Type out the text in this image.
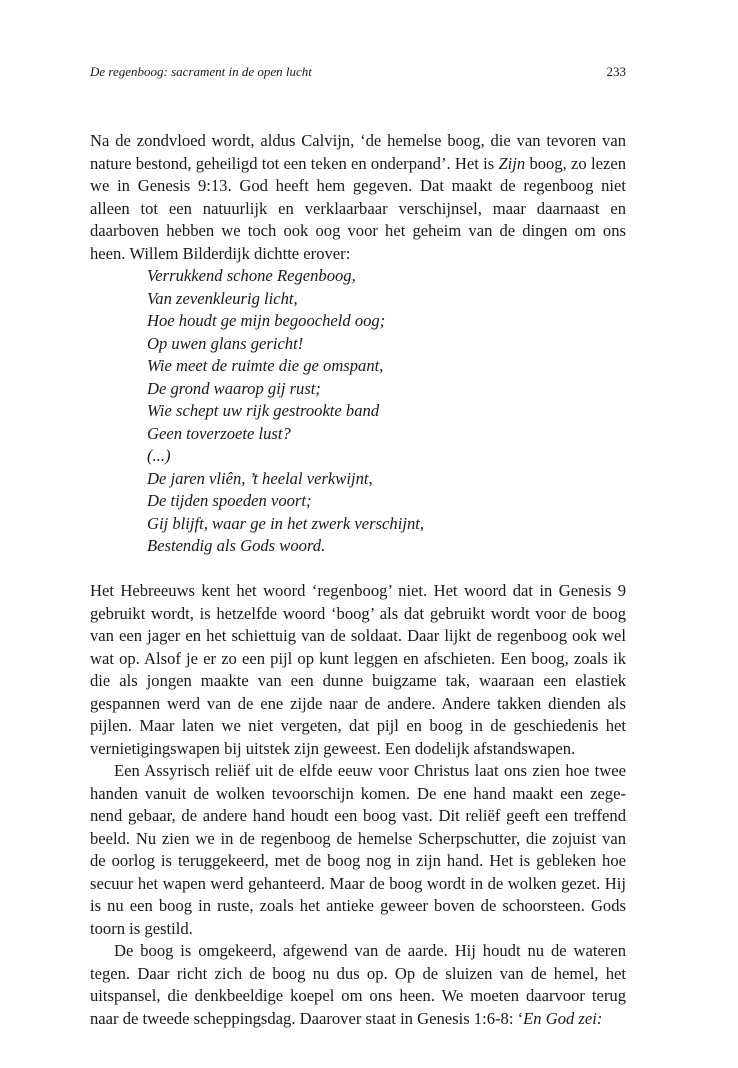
De regenboog: sacrament in de open lucht	233

Na de zondvloed wordt, aldus Calvijn, ‘de hemelse boog, die van tevoren van nature bestond, geheiligd tot een teken en onderpand’. Het is Zijn boog, zo lezen we in Genesis 9:13. God heeft hem gegeven. Dat maakt de regenboog niet alleen tot een natuurlijk en verklaarbaar verschijnsel, maar daarnaast en daarboven hebben we toch ook oog voor het geheim van de dingen om ons heen. Willem Bilderdijk dichtte erover:

Verrukkend schone Regenboog,
Van zevenkleurig licht,
Hoe houdt ge mijn begoocheld oog;
Op uwen glans gericht!
Wie meet de ruimte die ge omspant,
De grond waarop gij rust;
Wie schept uw rijk gestrookte band
Geen toverzoete lust?
(...)
De jaren vliên, ’t heelal verkwijnt,
De tijden spoeden voort;
Gij blijft, waar ge in het zwerk verschijnt,
Bestendig als Gods woord.

Het Hebreeuws kent het woord ‘regenboog’ niet. Het woord dat in Genesis 9 gebruikt wordt, is hetzelfde woord ‘boog’ als dat gebruikt wordt voor de boog van een jager en het schiettuig van de soldaat. Daar lijkt de regenboog ook wel wat op. Alsof je er zo een pijl op kunt leggen en afschieten. Een boog, zoals ik die als jongen maakte van een dunne buigzame tak, waaraan een elastiek gespannen werd van de ene zijde naar de andere. Andere takken dienden als pijlen. Maar laten we niet vergeten, dat pijl en boog in de geschiedenis het vernietigingswapen bij uitstek zijn geweest. Een dodelijk afstandswapen.

Een Assyrisch reliëf uit de elfde eeuw voor Christus laat ons zien hoe twee handen vanuit de wolken tevoorschijn komen. De ene hand maakt een zege- nend gebaar, de andere hand houdt een boog vast. Dit reliëf geeft een treffend beeld. Nu zien we in de regenboog de hemelse Scherpschutter, die zojuist van de oorlog is teruggekeerd, met de boog nog in zijn hand. Het is gebleken hoe secuur het wapen werd gehanteerd. Maar de boog wordt in de wolken gezet. Hij is nu een boog in ruste, zoals het antieke geweer boven de schoorsteen. Gods toorn is gestild.

De boog is omgekeerd, afgewend van de aarde. Hij houdt nu de wateren tegen. Daar richt zich de boog nu dus op. Op de sluizen van de hemel, het uitspansel, die denkbeeldige koepel om ons heen. We moeten daarvoor terug naar de tweede scheppingsdag. Daarover staat in Genesis 1:6-8: ‘En God zei:
